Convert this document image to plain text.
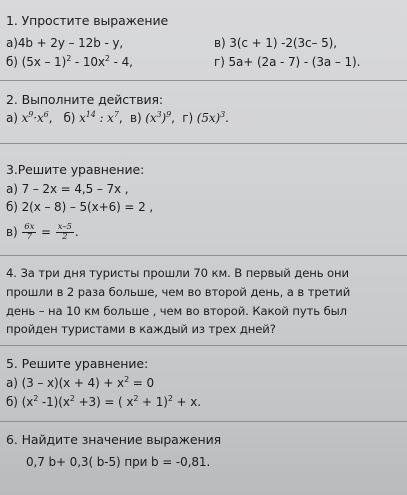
1. Упростите выражение
а)4b + 2y – 12b - y,	в) 3(c + 1) -2(3c– 5),
б) $(5x - 1)^2 - 10x^2 - 4$,	г) 5a+ (2a - 7) - (3a – 1).
2. Выполните действия:
а) $x^9\cdot x^6$, б) $x^{14}$ : $x^7$, в) $(x^3)^9$, г) $(5x)^3$.
3.Решите уравнение:
а) 7 – 2x = 4,5 – 7x ,
б) 2(x – 8) – 5(x+6) = 2 ,
$в) \frac{6x}{7} = \frac{x-5}{2}$ .
4. За три дня туристы прошли 70 км. В первый день они
прошли в 2 раза больше, чем во второй день, а в третий
день – на 10 км больше , чем во второй. Какой путь был
пройден туристами в каждый из трех дней?
5. Решите уравнение:
а) $(3 - x)(x + 4) + x^2 = 0$
б) ($x^2$ $-1)(x^2 +3)$ = ( $x^2 + 1)^2 + x$.
6. Найдите значение выражения
0,7 b+ 0,3( b-5) при b = -0,81.
